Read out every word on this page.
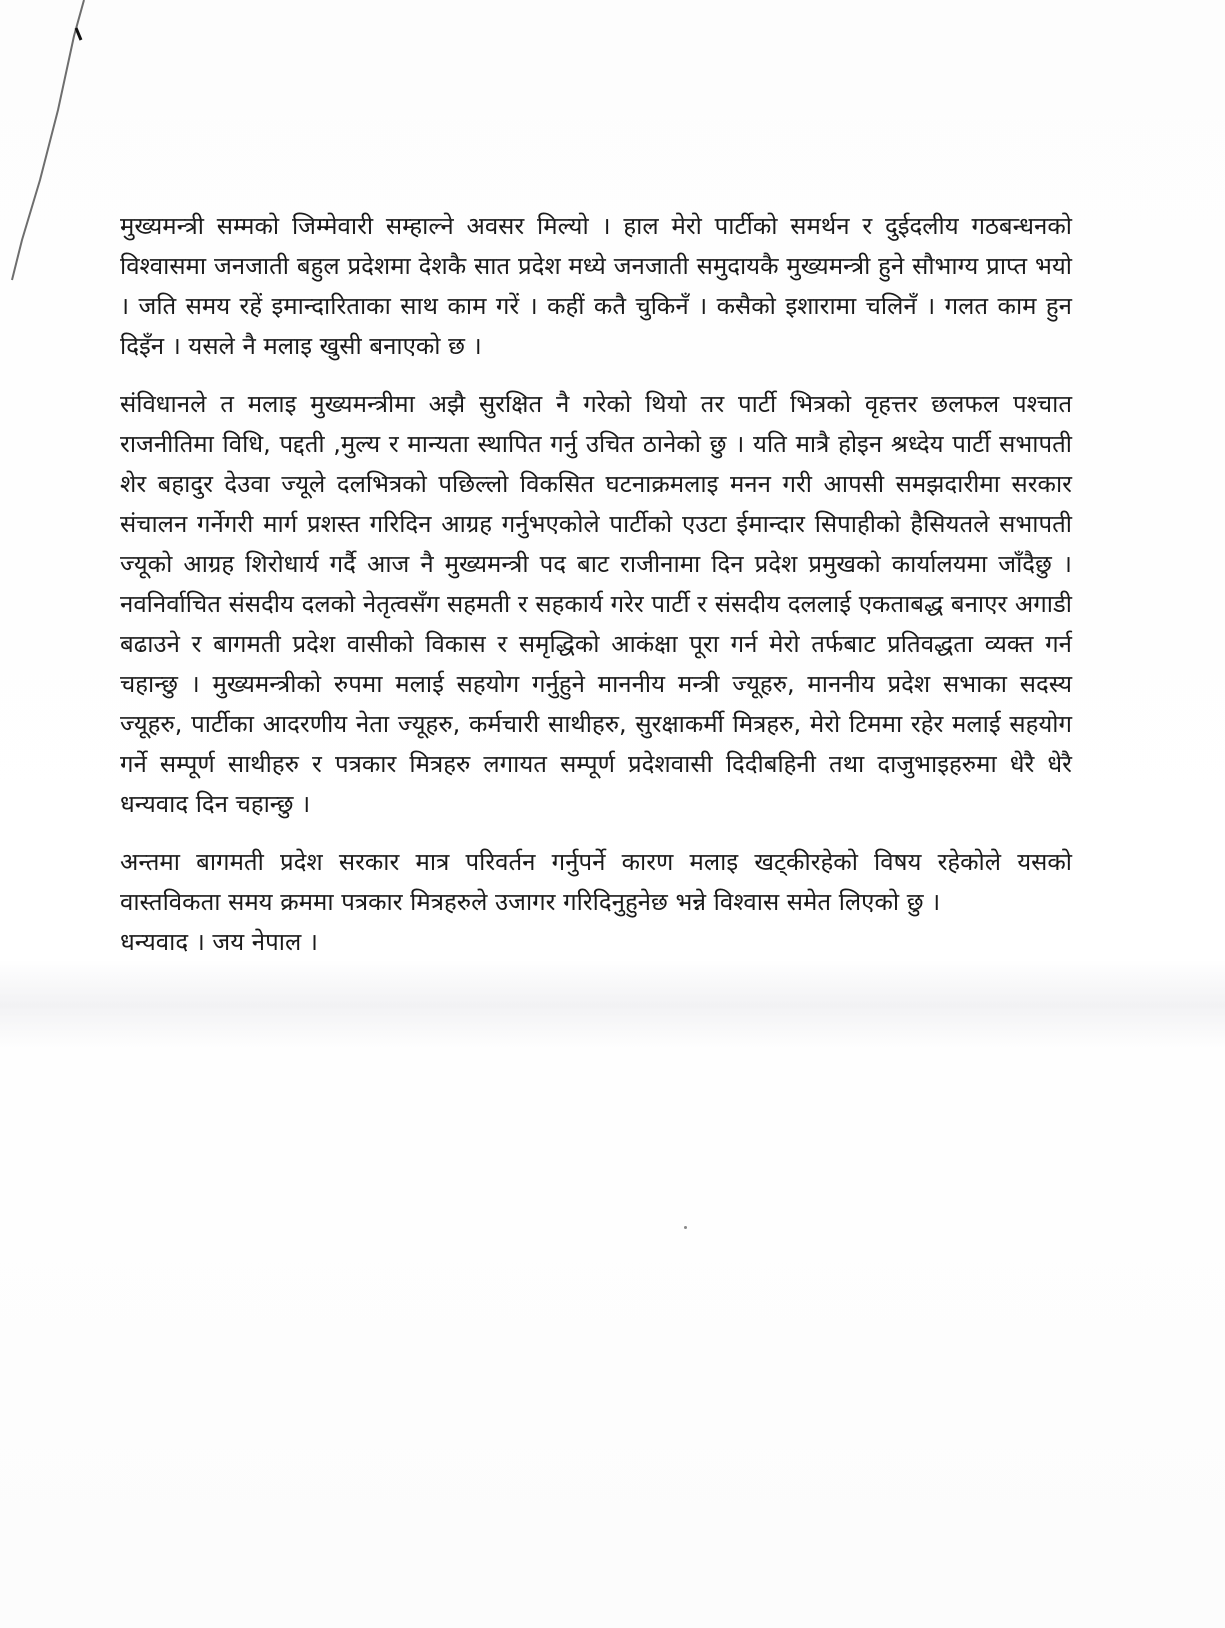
मुख्यमन्त्री सम्मको जिम्मेवारी सम्हाल्ने अवसर मिल्यो । हाल मेरो पार्टीको समर्थन र दुईदलीय गठबन्धनको विश्वासमा जनजाती बहुल प्रदेशमा देशकै सात प्रदेश मध्ये जनजाती समुदायकै मुख्यमन्त्री हुने सौभाग्य प्राप्त भयो । जति समय रहें इमान्दारिताका साथ काम गरें । कहीं कतै चुकिनँ । कसैको इशारामा चलिनँ । गलत काम हुन दिइँन । यसले नै मलाइ खुसी बनाएको छ ।

संविधानले त मलाइ मुख्यमन्त्रीमा अझै सुरक्षित नै गरेको थियो तर पार्टी भित्रको वृहत्तर छलफल पश्चात राजनीतिमा विधि, पद्दती ,मुल्य र मान्यता स्थापित गर्नु उचित ठानेको छु । यति मात्रै होइन श्रध्देय पार्टी सभापती शेर बहादुर देउवा ज्यूले दलभित्रको पछिल्लो विकसित घटनाक्रमलाइ मनन गरी आपसी समझदारीमा सरकार संचालन गर्नेगरी मार्ग प्रशस्त गरिदिन आग्रह गर्नुभएकोले पार्टीको एउटा ईमान्दार सिपाहीको हैसियतले सभापती ज्यूको आग्रह शिरोधार्य गर्दै आज नै मुख्यमन्त्री पद बाट राजीनामा दिन प्रदेश प्रमुखको कार्यालयमा जाँदैछु । नवनिर्वाचित संसदीय दलको नेतृत्वसँग सहमती र सहकार्य गरेर पार्टी र संसदीय दललाई एकताबद्ध बनाएर अगाडी बढाउने र बागमती प्रदेश वासीको विकास र समृद्धिको आकंक्षा पूरा गर्न मेरो तर्फबाट प्रतिवद्धता व्यक्त गर्न चहान्छु । मुख्यमन्त्रीको रुपमा मलाई सहयोग गर्नुहुने माननीय मन्त्री ज्यूहरु, माननीय प्रदेश सभाका सदस्य ज्यूहरु, पार्टीका आदरणीय नेता ज्यूहरु, कर्मचारी साथीहरु, सुरक्षाकर्मी मित्रहरु, मेरो टिममा रहेर मलाई सहयोग गर्ने सम्पूर्ण साथीहरु र पत्रकार मित्रहरु लगायत सम्पूर्ण प्रदेशवासी दिदीबहिनी तथा दाजुभाइहरुमा धेरै धेरै धन्यवाद दिन चहान्छु ।

अन्तमा बागमती प्रदेश सरकार मात्र परिवर्तन गर्नुपर्ने कारण मलाइ खट्कीरहेको विषय रहेकोले यसको वास्तविकता समय क्रममा पत्रकार मित्रहरुले उजागर गरिदिनुहुनेछ भन्ने विश्वास समेत लिएको छु ।

धन्यवाद । जय नेपाल ।
